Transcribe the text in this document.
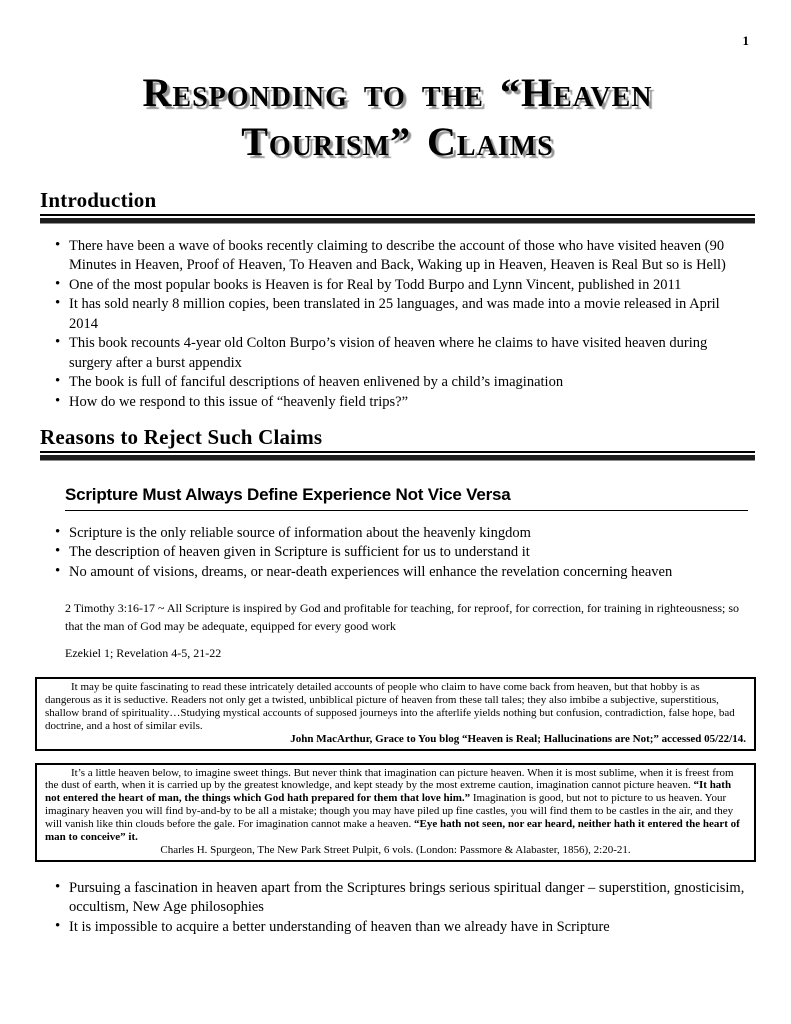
1
Responding to the “Heaven
Tourism” Claims
Introduction
• There have been a wave of books recently claiming to describe the account of those who have visited heaven (90 Minutes in Heaven, Proof of Heaven, To Heaven and Back, Waking up in Heaven, Heaven is Real But so is Hell)
• One of the most popular books is Heaven is for Real by Todd Burpo and Lynn Vincent, published in 2011
• It has sold nearly 8 million copies, been translated in 25 languages, and was made into a movie released in April 2014
• This book recounts 4-year old Colton Burpo’s vision of heaven where he claims to have visited heaven during surgery after a burst appendix
• The book is full of fanciful descriptions of heaven enlivened by a child’s imagination
• How do we respond to this issue of “heavenly field trips?”
Reasons to Reject Such Claims
Scripture Must Always Define Experience Not Vice Versa
• Scripture is the only reliable source of information about the heavenly kingdom
• The description of heaven given in Scripture is sufficient for us to understand it
• No amount of visions, dreams, or near-death experiences will enhance the revelation concerning heaven

2 Timothy 3:16-17 ~ All Scripture is inspired by God and profitable for teaching, for reproof, for correction, for training in righteousness; so that the man of God may be adequate, equipped for every good work

Ezekiel 1; Revelation 4-5, 21-22

It may be quite fascinating to read these intricately detailed accounts of people who claim to have come back from heaven, but that hobby is as dangerous as it is seductive. Readers not only get a twisted, unbiblical picture of heaven from these tall tales; they also imbibe a subjective, superstitious, shallow brand of spirituality…Studying mystical accounts of supposed journeys into the afterlife yields nothing but confusion, contradiction, false hope, bad doctrine, and a host of similar evils.

John MacArthur, Grace to You blog “Heaven is Real; Hallucinations are Not;” accessed 05/22/14.

It’s a little heaven below, to imagine sweet things. But never think that imagination can picture heaven. When it is most sublime, when it is freest from the dust of earth, when it is carried up by the greatest knowledge, and kept steady by the most extreme caution, imagination cannot picture heaven. “It hath not entered the heart of man, the things which God hath prepared for them that love him.” Imagination is good, but not to picture to us heaven. Your imaginary heaven you will find by-and-by to be all a mistake; though you may have piled up fine castles, you will find them to be castles in the air, and they will vanish like thin clouds before the gale. For imagination cannot make a heaven. “Eye hath not seen, nor ear heard, neither hath it entered the heart of man to conceive” it.

Charles H. Spurgeon, The New Park Street Pulpit, 6 vols. (London: Passmore & Alabaster, 1856), 2:20-21.

• Pursuing a fascination in heaven apart from the Scriptures brings serious spiritual danger – superstition, gnosticisim, occultism, New Age philosophies
• It is impossible to acquire a better understanding of heaven than we already have in Scripture
